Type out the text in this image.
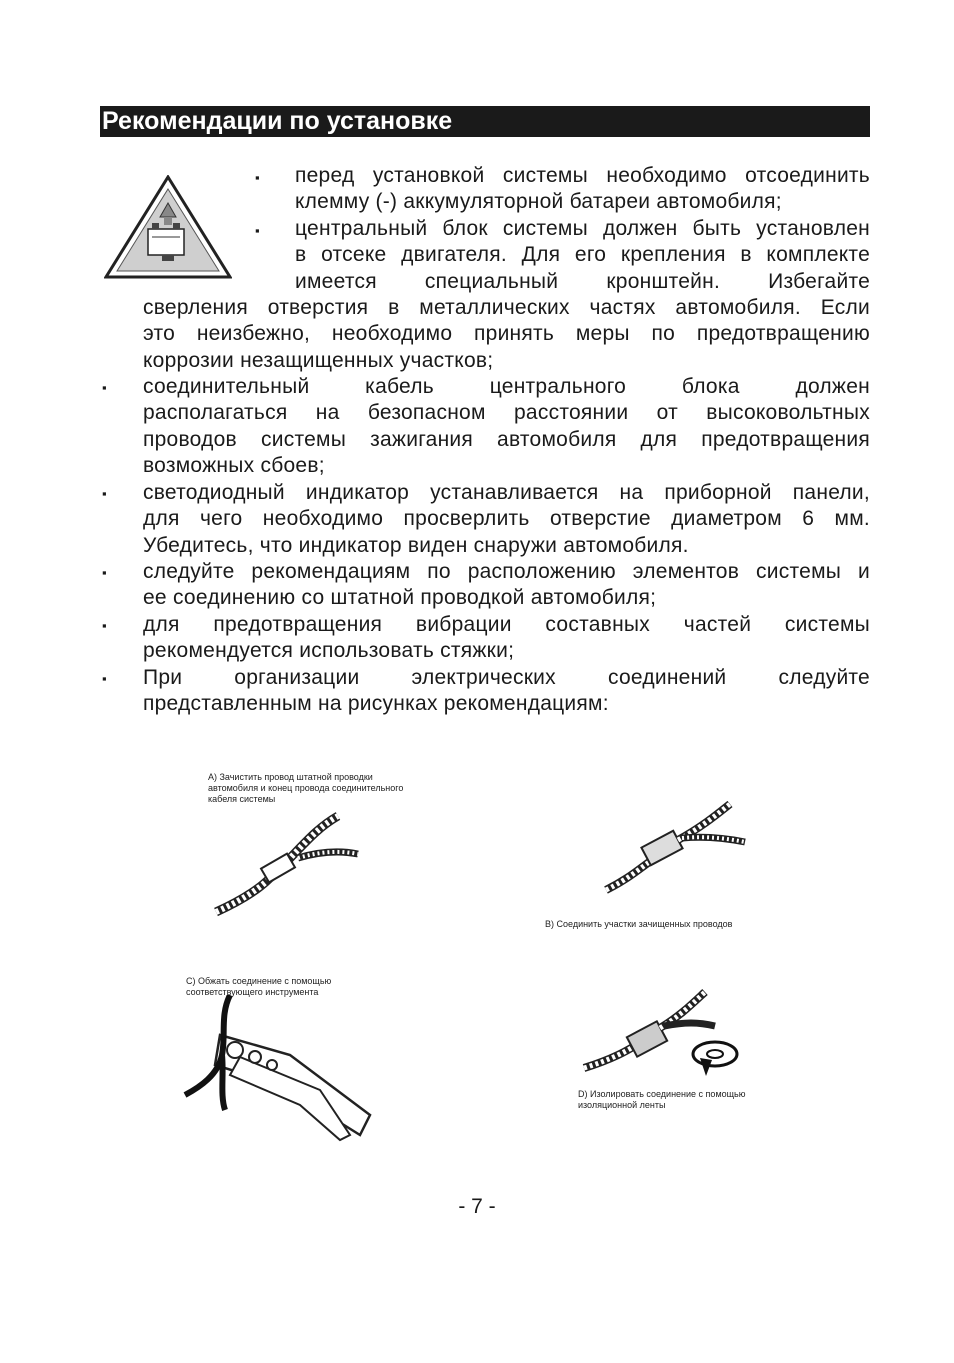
Рекомендации по установке
▪
▪
▪
▪
▪
▪
▪
перед установкой системы необходимо отсоединить
клемму (-) аккумуляторной батареи автомобиля;
центральный блок системы должен быть установлен
в отсеке двигателя. Для его крепления в комплекте
имеется специальный кронштейн. Избегайте
сверления отверстия в металлических частях автомобиля. Если
это неизбежно, необходимо принять меры по предотвращению
коррозии незащищенных участков;
соединительный кабель центрального блока должен
располагаться на безопасном расстоянии от высоковольтных
проводов системы зажигания автомобиля для предотвращения
возможных сбоев;
светодиодный индикатор устанавливается на приборной панели,
для чего необходимо просверлить отверстие диаметром 6 мм.
Убедитесь, что индикатор виден снаружи автомобиля.
следуйте рекомендациям по расположению элементов системы и
ее соединению со штатной проводкой автомобиля;
для предотвращения вибрации составных частей системы
рекомендуется использовать стяжки;
При организации электрических соединений следуйте
представленным на рисунках рекомендациям:
A) Зачистить провод штатной проводки
автомобиля и конец провода соединительного
кабеля системы
B) Соединить участки зачищенных проводов
C) Обжать соединение с помощью
соответствующего инструмента
D) Изолировать соединение с помощью
изоляционной ленты
- 7 -
